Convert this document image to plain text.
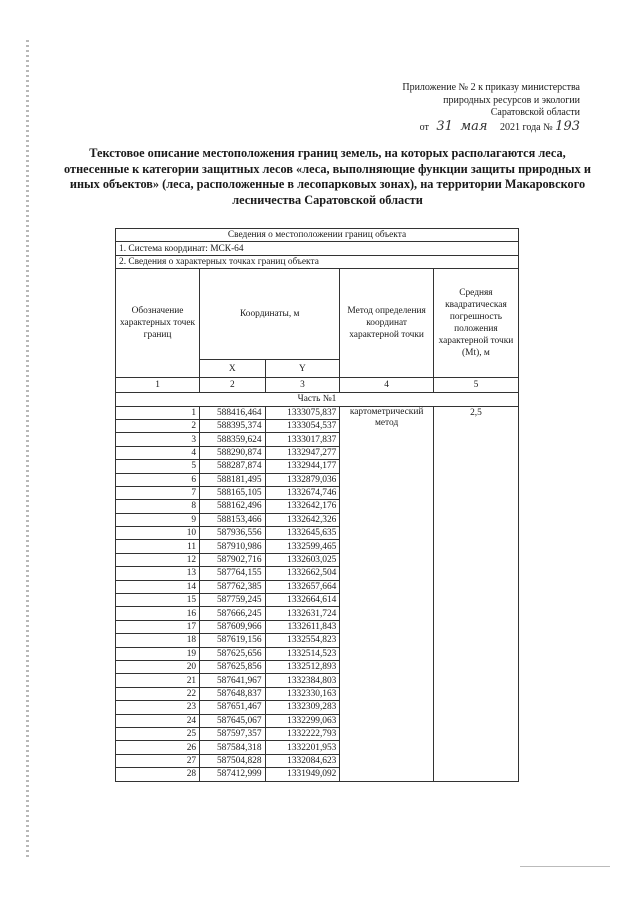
Приложение № 2 к приказу министерства
природных ресурсов и экологии
Саратовской области
от 31 мая 2021 года № 193
Текстовое описание местоположения границ земель, на которых располагаются леса, отнесенные к категории защитных лесов «леса, выполняющие функции защиты природных и иных объектов» (леса, расположенные в лесопарковых зонах), на территории Макаровского лесничества Саратовской области
Сведения о местоположении границ объекта				
1. Система координат: МСК-64				
2. Сведения о характерных точках границ объекта				
Обозначение характерных точек границ	Координаты, м		Метод определения координат характерной точки	Средняя квадратическая погрешность положения характерной точки (Mt), м
	X	Y		
1	2	3	4	5
Часть №1				
1	588416,464	1333075,837	картометрический метод	2,5
2	588395,374	1333054,537		
3	588359,624	1333017,837		
4	588290,874	1332947,277		
5	588287,874	1332944,177		
6	588181,495	1332879,036		
7	588165,105	1332674,746		
8	588162,496	1332642,176		
9	588153,466	1332642,326		
10	587936,556	1332645,635		
11	587910,986	1332599,465		
12	587902,716	1332603,025		
13	587764,155	1332662,504		
14	587762,385	1332657,664		
15	587759,245	1332664,614		
16	587666,245	1332631,724		
17	587609,966	1332611,843		
18	587619,156	1332554,823		
19	587625,656	1332514,523		
20	587625,856	1332512,893		
21	587641,967	1332384,803		
22	587648,837	1332330,163		
23	587651,467	1332309,283		
24	587645,067	1332299,063		
25	587597,357	1332222,793		
26	587584,318	1332201,953		
27	587504,828	1332084,623		
28	587412,999	1331949,092		
